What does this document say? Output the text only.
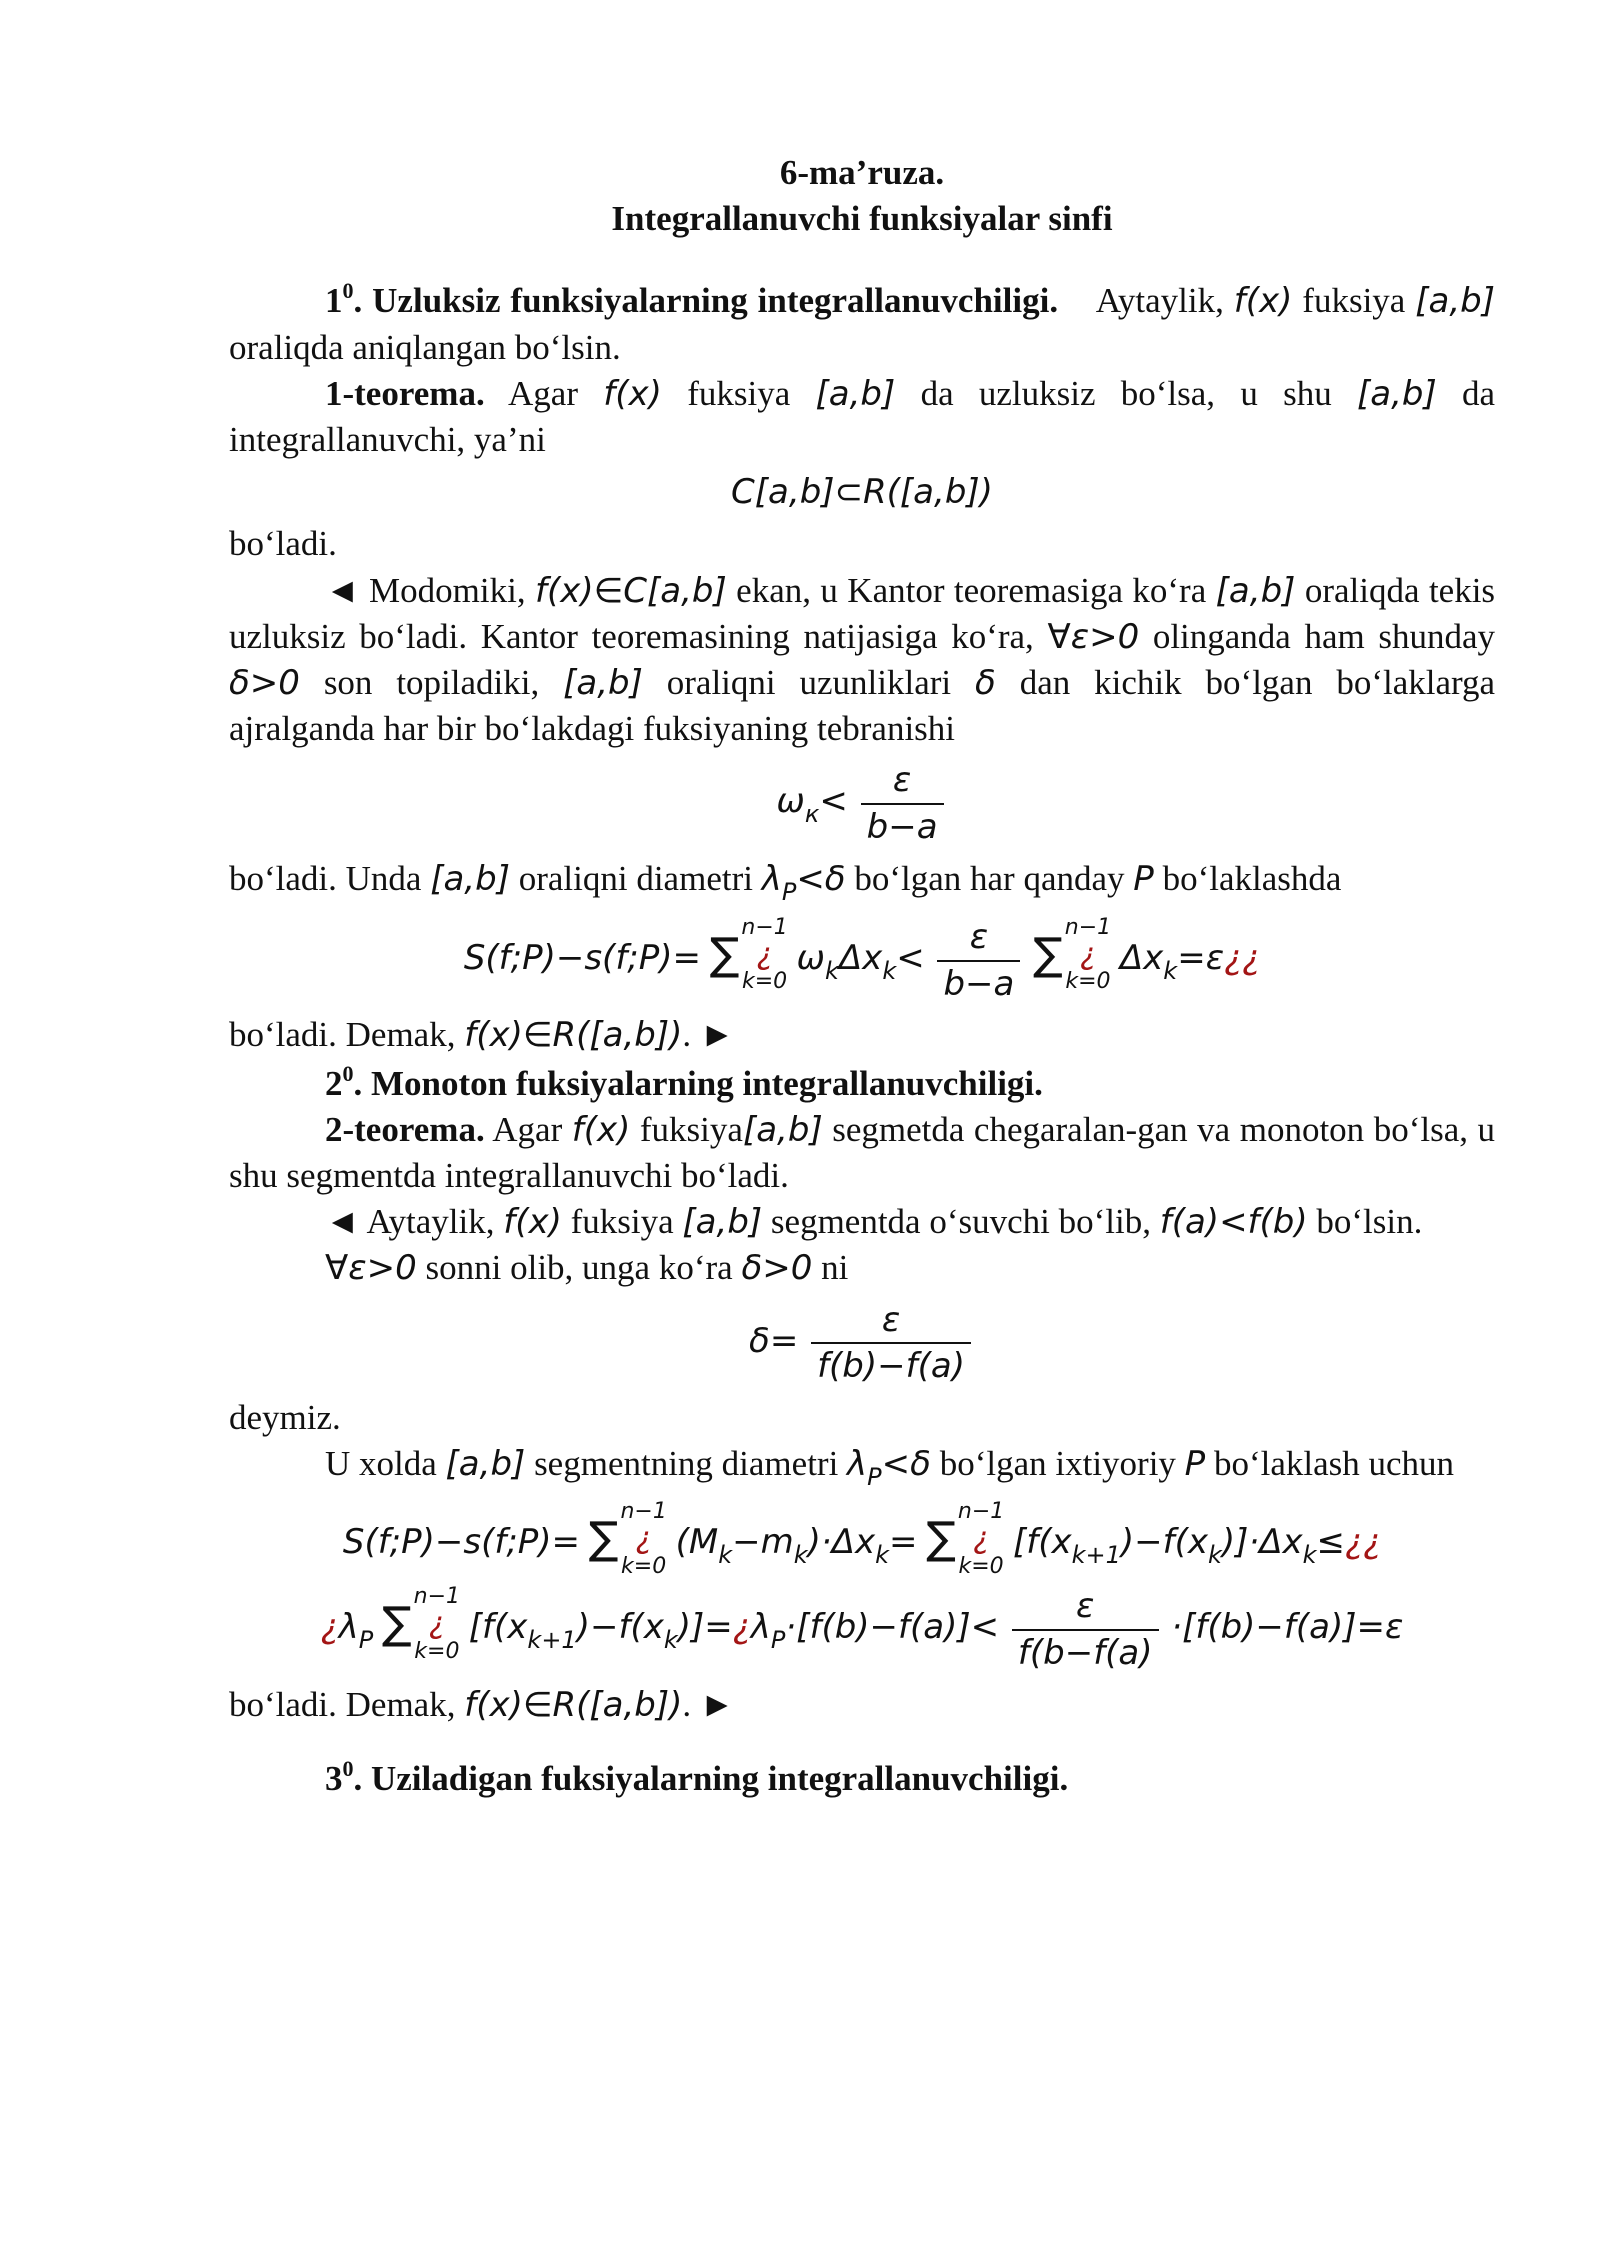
6-ma’ruza.

Integrallanuvchi funksiyalar sinfi

$1^0$. Uzluksiz funksiyalarning integrallanuvchiligi. Aytaylik, f(x) fuksiya [a,b] oraliqda aniqlangan bo‘lsin.

1-teorema. Agar f(x) fuksiya [a,b] da uzluksiz bo‘lsa, u shu [a,b] da integrallanuvchi, ya’ni

C[a,b]⊂R([a,b])

bo‘ladi.

◄ Modomiki, f(x)∈C[a,b] ekan, u Kantor teoremasiga ko‘ra [a,b] oraliqda tekis uzluksiz bo‘ladi. Kantor teoremasining natijasiga ko‘ra, ∀ε>0 olinganda ham shunday δ>0 son topiladiki, [a,b] oraliqni uzunliklari δ dan kichik bo‘lgan bo‘laklarga ajralganda har bir bo‘lakdagi fuksiyaning tebranishi

$\omega_к< \frac{\varepsilon}{b-a}$

bo‘ladi. Unda [a,b] oraliqni diametri $\lambda_P<\delta$ bo‘lgan har qanday P bo‘laklashda

S(f;P)−s(f;P)= ∑
n−1
¿
k=0
$\omega_k\Delta x_k< \frac{\varepsilon}{b-a}$
∑
n−1
¿
k=0
$\Delta x_k=\varepsilon¿¿$

bo‘ladi. Demak, f(x)∈R([a,b]). ►

$2^0$. Monoton fuksiyalarning integrallanuvchiligi.

2-teorema. Agar f(x) fuksiya[a,b] segmetda chegaralan-gan va monoton bo‘lsa, u shu segmentda integrallanuvchi bo‘ladi.

◄ Aytaylik, f(x) fuksiya [a,b] segmentda o‘suvchi bo‘lib, f(a)<f(b) bo‘lsin.

∀ε>0 sonni olib, unga ko‘ra δ>0 ni

$\delta= \frac{\varepsilon}{f(b)-f(a)}$

deymiz.

U xolda [a,b] segmentning diametri $\lambda_P<\delta$ bo‘lgan ixtiyoriy P bo‘laklash uchun

S(f;P)−s(f;P)= ∑
n−1
¿
k=0
$(M_k-m_k)\cdot\Delta x_k=$ ∑
n−1
¿
k=0
$[f(x_{k+1})-f(x_k)]\cdot\Delta x_k\le¿¿$

¿$\lambda_P$ ∑
n−1
¿
k=0
$[f(x_{k+1})-f(x_k)]=¿\lambda_P\cdot[f(b)-f(a)]< \frac{\varepsilon}{f(b-f(a)} \cdot[f(b)-f(a)]=\varepsilon$

bo‘ladi. Demak, f(x)∈R([a,b]). ►

$3^0$. Uziladigan fuksiyalarning integrallanuvchiligi.
